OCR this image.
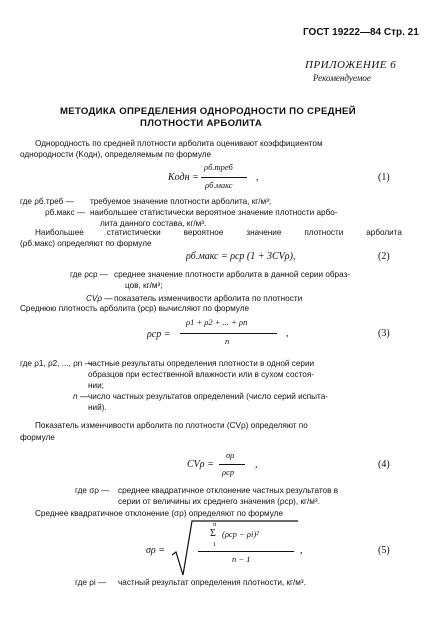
ГОСТ 19222—84 Стр. 21
ПРИЛОЖЕНИЕ 6
Рекомендуемое
МЕТОДИКА ОПРЕДЕЛЕНИЯ ОДНОРОДНОСТИ ПО СРЕДНЕЙ
ПЛОТНОСТИ АРБОЛИТА
Однородность по средней плотности арболита оценивают коэффициентом
однородности (Kодн), определяемым по формуле
Kодн =
ρб.треб
ρб.макс
,	(1)
где ρб.треб — требуемое значение плотности арболита, кг/м³;
ρб.макс — наибольшее статистически вероятное значение плотности арбо-
лита данного состава, кг/м³.
Наибольшее	статистически	вероятное	значение	плотности	арболита
(ρб.макс) определяют по формуле
ρб.макс = ρср (1 + 3CVρ),	(2)
где ρср — среднее значение плотности арболита в данной серии образ-
цов, кг/м³;
CVρ — показатель изменчивости арболита по плотности
Среднюю плотность арболита (ρср) вычисляют по формуле
ρср =
ρ1 + ρ2 + ... + ρn
n
,	(3)
где ρ1, ρ2, ..., ρn —
частные результаты определения плотности в одной серии
образцов при естественной влажности или в сухом состоя-
нии;
n — число частных результатов определений (число серий испыта-
ний).
Показатель изменчивости арболита по плотности (CVρ) определяют по
формуле
CVρ =
σρ
ρср
,	(4)
где σρ — среднее квадратичное отклонение частных результатов в
серии от величины их среднего значения (ρср), кг/м³.
Среднее квадратичное отклонение (σρ) определяют по формуле
σρ =
n
Σ
1
(ρср − ρi)²
n − 1
,	(5)
где ρi — частный результат определения плотности, кг/м³.
